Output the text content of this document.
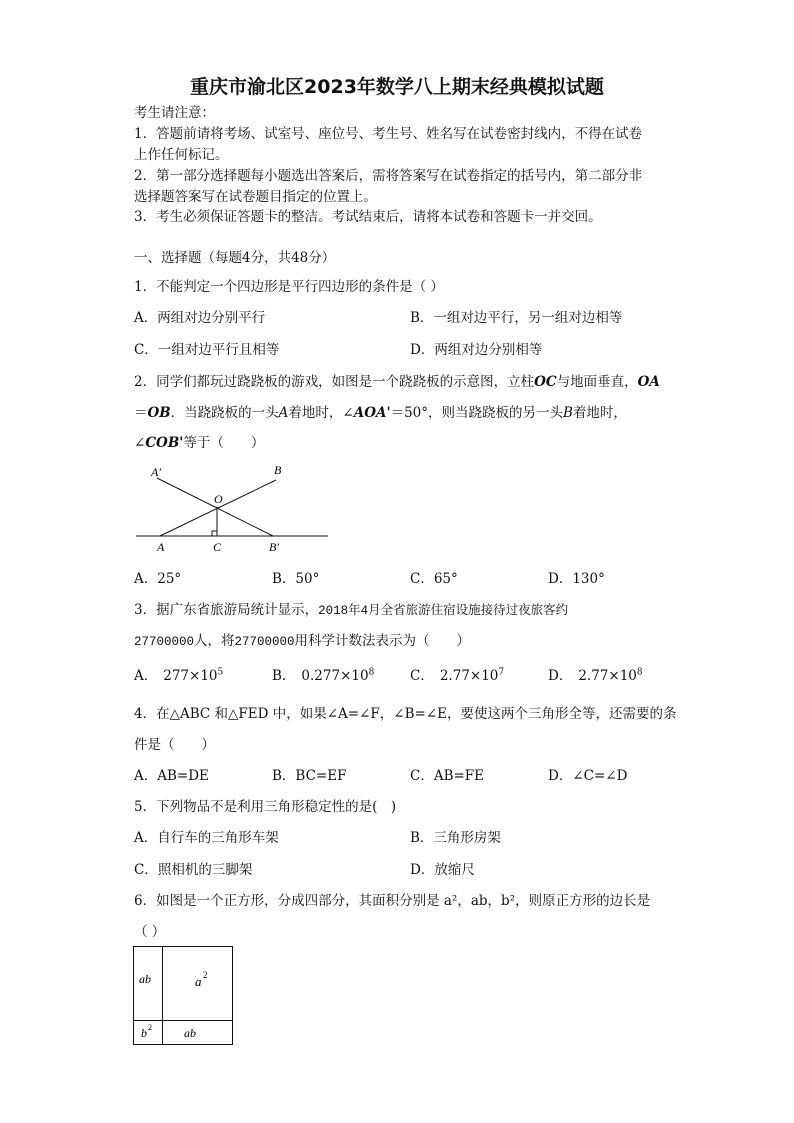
重庆市渝北区2023年数学八上期末经典模拟试题
考生请注意：
1．答题前请将考场、试室号、座位号、考生号、姓名写在试卷密封线内，不得在试卷
上作任何标记。
2．第一部分选择题每小题选出答案后，需将答案写在试卷指定的括号内，第二部分非
选择题答案写在试卷题目指定的位置上。
3．考生必须保证答题卡的整洁。考试结束后，请将本试卷和答题卡一并交回。
一、选择题（每题4分，共48分）
1．不能判定一个四边形是平行四边形的条件是（ ）
A．两组对边分别平行	B．一组对边平行，另一组对边相等
C．一组对边平行且相等	D．两组对边分别相等
2．同学们都玩过跷跷板的游戏，如图是一个跷跷板的示意图，立柱OC与地面垂直，OA
＝OB．当跷跷板的一头A着地时，∠AOA'＝50°，则当跷跷板的另一头B着地时，
∠COB'等于（　　）
A′	B
O
A	C	B′
A．25°	B．50°	C．65°	D．130°
3．据广东省旅游局统计显示，2018年4月全省旅游住宿设施接待过夜旅客约
27700000人，将27700000用科学计数法表示为（　　）
A． $277\times 10^5$	B． $0.277\times 10^8$	C． $2.77\times 10^7$	D． $2.77\times 10^8$
4．在△ABC 和△FED 中，如果∠A=∠F，∠B=∠E，要使这两个三角形全等，还需要的条
件是（　　）
A．AB=DE	B．BC=EF	C．AB=FE	D．∠C=∠D
5．下列物品不是利用三角形稳定性的是(　)
A．自行车的三角形车架	B．三角形房架
C．照相机的三脚架	D．放缩尺
6．如图是一个正方形，分成四部分，其面积分别是 a²，ab，b²，则原正方形的边长是
（ ）
ab	a 2
b 2	ab
